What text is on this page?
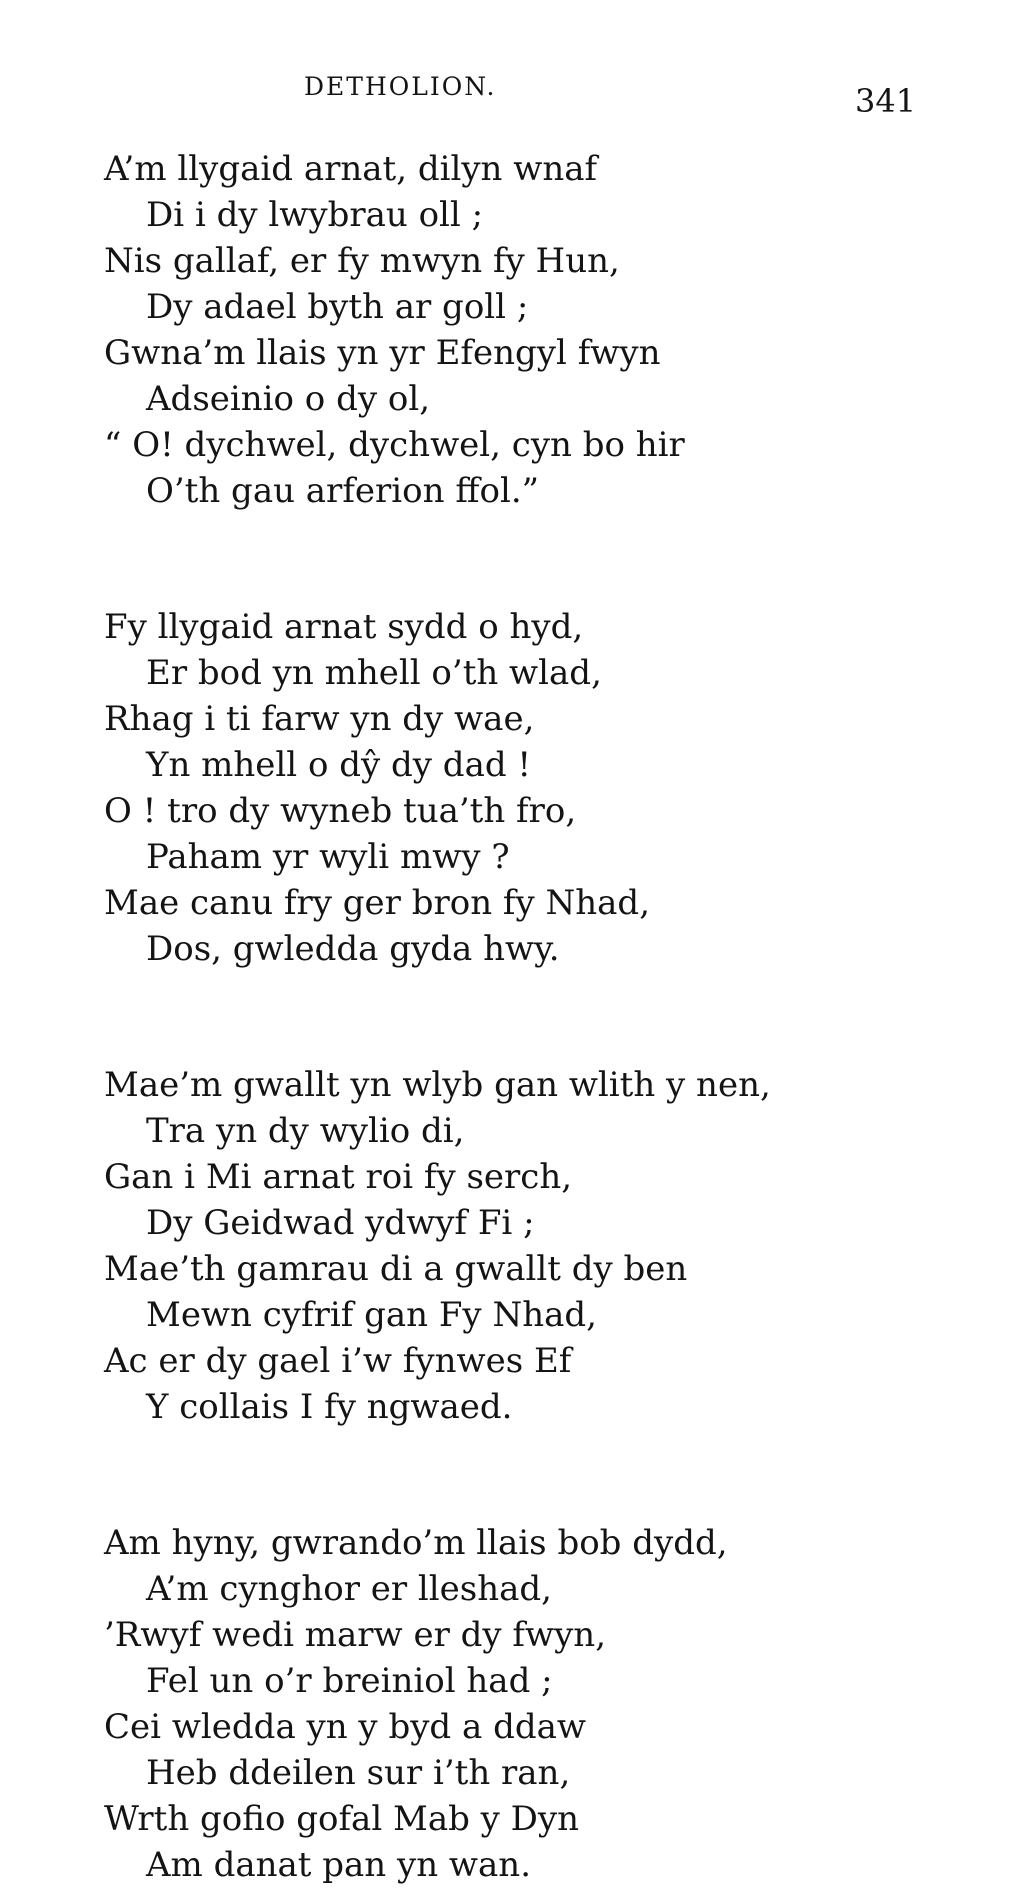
DETHOLION.	341
A’m llygaid arnat, dilyn wnaf
Di i dy lwybrau oll ;
Nis gallaf, er fy mwyn fy Hun,
Dy adael byth ar goll ;
Gwna’m llais yn yr Efengyl fwyn
Adseinio o dy ol,
“ O! dychwel, dychwel, cyn bo hir
O’th gau arferion ffol.”
Fy llygaid arnat sydd o hyd,
Er bod yn mhell o’th wlad,
Rhag i ti farw yn dy wae,
Yn mhell o dŷ dy dad !
O ! tro dy wyneb tua’th fro,
Paham yr wyli mwy ?
Mae canu fry ger bron fy Nhad,
Dos, gwledda gyda hwy.
Mae’m gwallt yn wlyb gan wlith y nen,
Tra yn dy wylio di,
Gan i Mi arnat roi fy serch,
Dy Geidwad ydwyf Fi ;
Mae’th gamrau di a gwallt dy ben
Mewn cyfrif gan Fy Nhad,
Ac er dy gael i’w fynwes Ef
Y collais I fy ngwaed.
Am hyny, gwrando’m llais bob dydd,
A’m cynghor er lleshad,
’Rwyf wedi marw er dy fwyn,
Fel un o’r breiniol had ;
Cei wledda yn y byd a ddaw
Heb ddeilen sur i’th ran,
Wrth gofio gofal Mab y Dyn
Am danat pan yn wan.
